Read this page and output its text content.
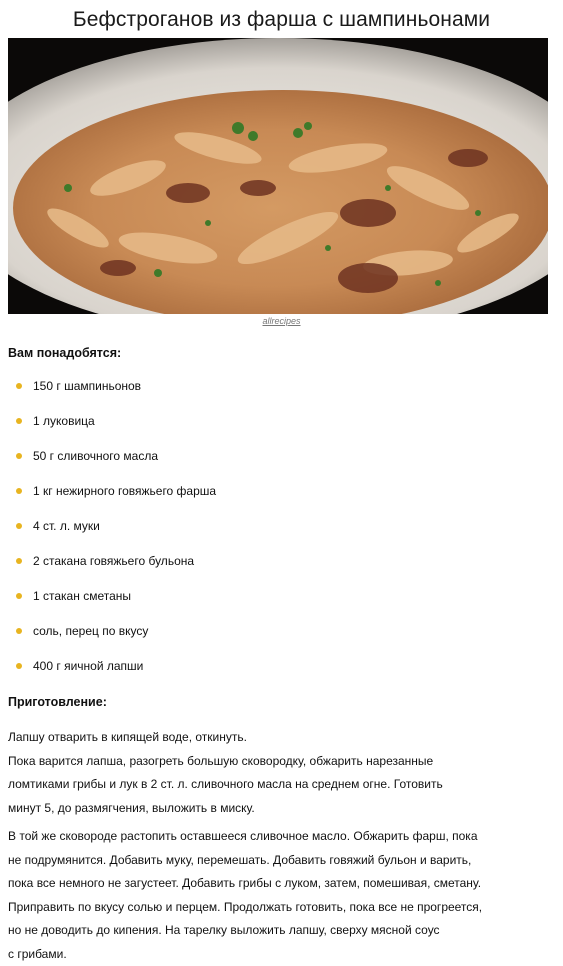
Бефстроганов из фарша с шампиньонами
allrecipes
Вам понадобятся:
150 г шампиньонов
1 луковица
50 г сливочного масла
1 кг нежирного говяжьего фарша
4 ст. л. муки
2 стакана говяжьего бульона
1 стакан сметаны
соль, перец по вкусу
400 г яичной лапши
Приготовление:
Лапшу отварить в кипящей воде, откинуть.
Пока варится лапша, разогреть большую сковородку, обжарить нарезанные
ломтиками грибы и лук в 2 ст. л. сливочного масла на среднем огне. Готовить
минут 5, до размягчения, выложить в миску.
В той же сковороде растопить оставшееся сливочное масло. Обжарить фарш, пока
не подрумянится. Добавить муку, перемешать. Добавить говяжий бульон и варить,
пока все немного не загустеет. Добавить грибы с луком, затем, помешивая, сметану.
Приправить по вкусу солью и перцем. Продолжать готовить, пока все не прогреется,
но не доводить до кипения. На тарелку выложить лапшу, сверху мясной соус
с грибами.
